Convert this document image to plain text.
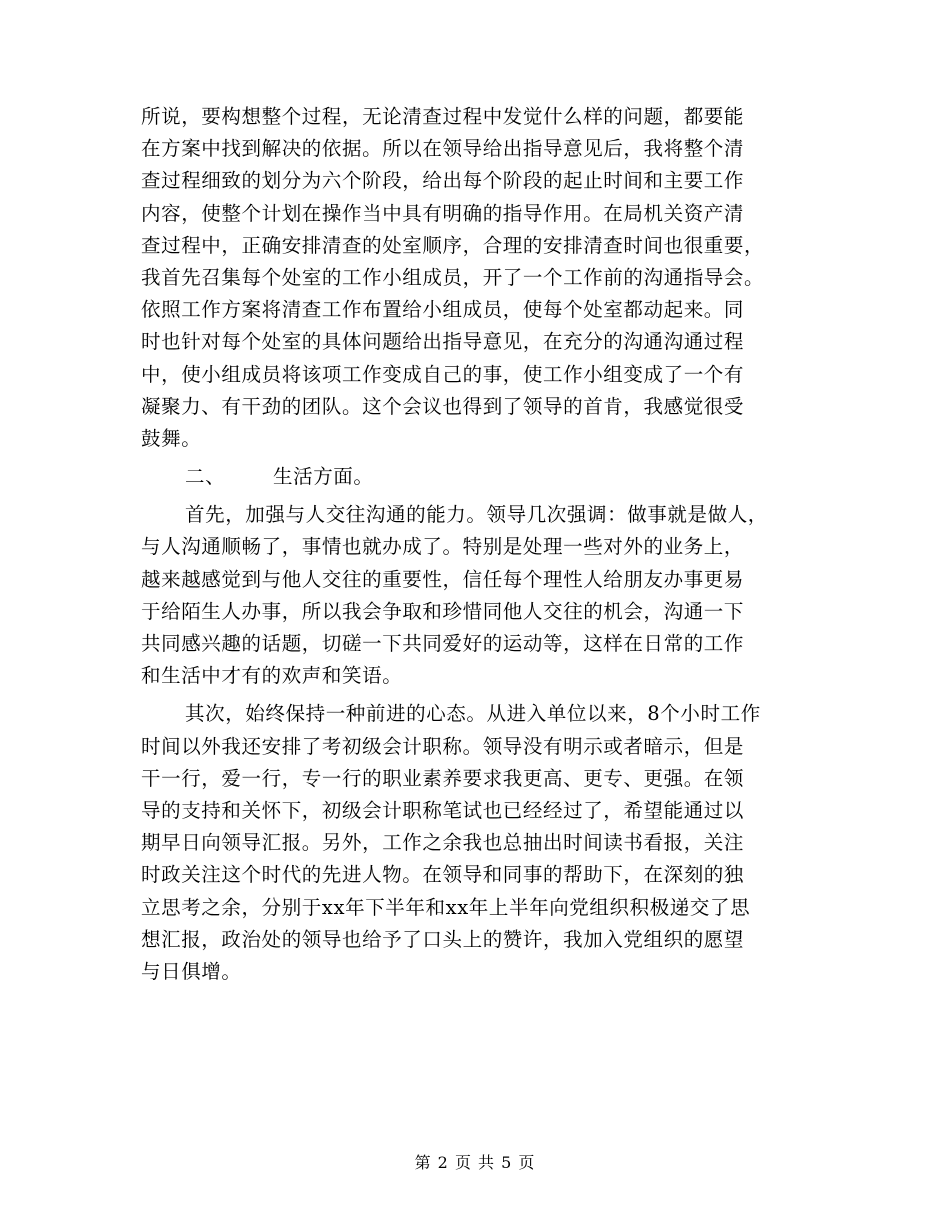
所说，要构想整个过程，无论清查过程中发觉什么样的问题，都要能
在方案中找到解决的依据。所以在领导给出指导意见后，我将整个清
查过程细致的划分为六个阶段，给出每个阶段的起止时间和主要工作
内容，使整个计划在操作当中具有明确的指导作用。在局机关资产清
查过程中，正确安排清查的处室顺序，合理的安排清查时间也很重要，
我首先召集每个处室的工作小组成员，开了一个工作前的沟通指导会。
依照工作方案将清查工作布置给小组成员，使每个处室都动起来。同
时也针对每个处室的具体问题给出指导意见，在充分的沟通沟通过程
中，使小组成员将该项工作变成自己的事，使工作小组变成了一个有
凝聚力、有干劲的团队。这个会议也得到了领导的首肯，我感觉很受
鼓舞。
二、 生活方面。
首先，加强与人交往沟通的能力。领导几次强调：做事就是做人，
与人沟通顺畅了，事情也就办成了。特别是处理一些对外的业务上，
越来越感觉到与他人交往的重要性，信任每个理性人给朋友办事更易
于给陌生人办事，所以我会争取和珍惜同他人交往的机会，沟通一下
共同感兴趣的话题，切磋一下共同爱好的运动等，这样在日常的工作
和生活中才有的欢声和笑语。
其次，始终保持一种前进的心态。从进入单位以来，8个小时工作
时间以外我还安排了考初级会计职称。领导没有明示或者暗示，但是
干一行，爱一行，专一行的职业素养要求我更高、更专、更强。在领
导的支持和关怀下，初级会计职称笔试也已经经过了，希望能通过以
期早日向领导汇报。另外，工作之余我也总抽出时间读书看报，关注
时政关注这个时代的先进人物。在领导和同事的帮助下，在深刻的独
立思考之余，分别于xx年下半年和xx年上半年向党组织积极递交了思
想汇报，政治处的领导也给予了口头上的赞许，我加入党组织的愿望
与日俱增。
第 2 页 共 5 页
